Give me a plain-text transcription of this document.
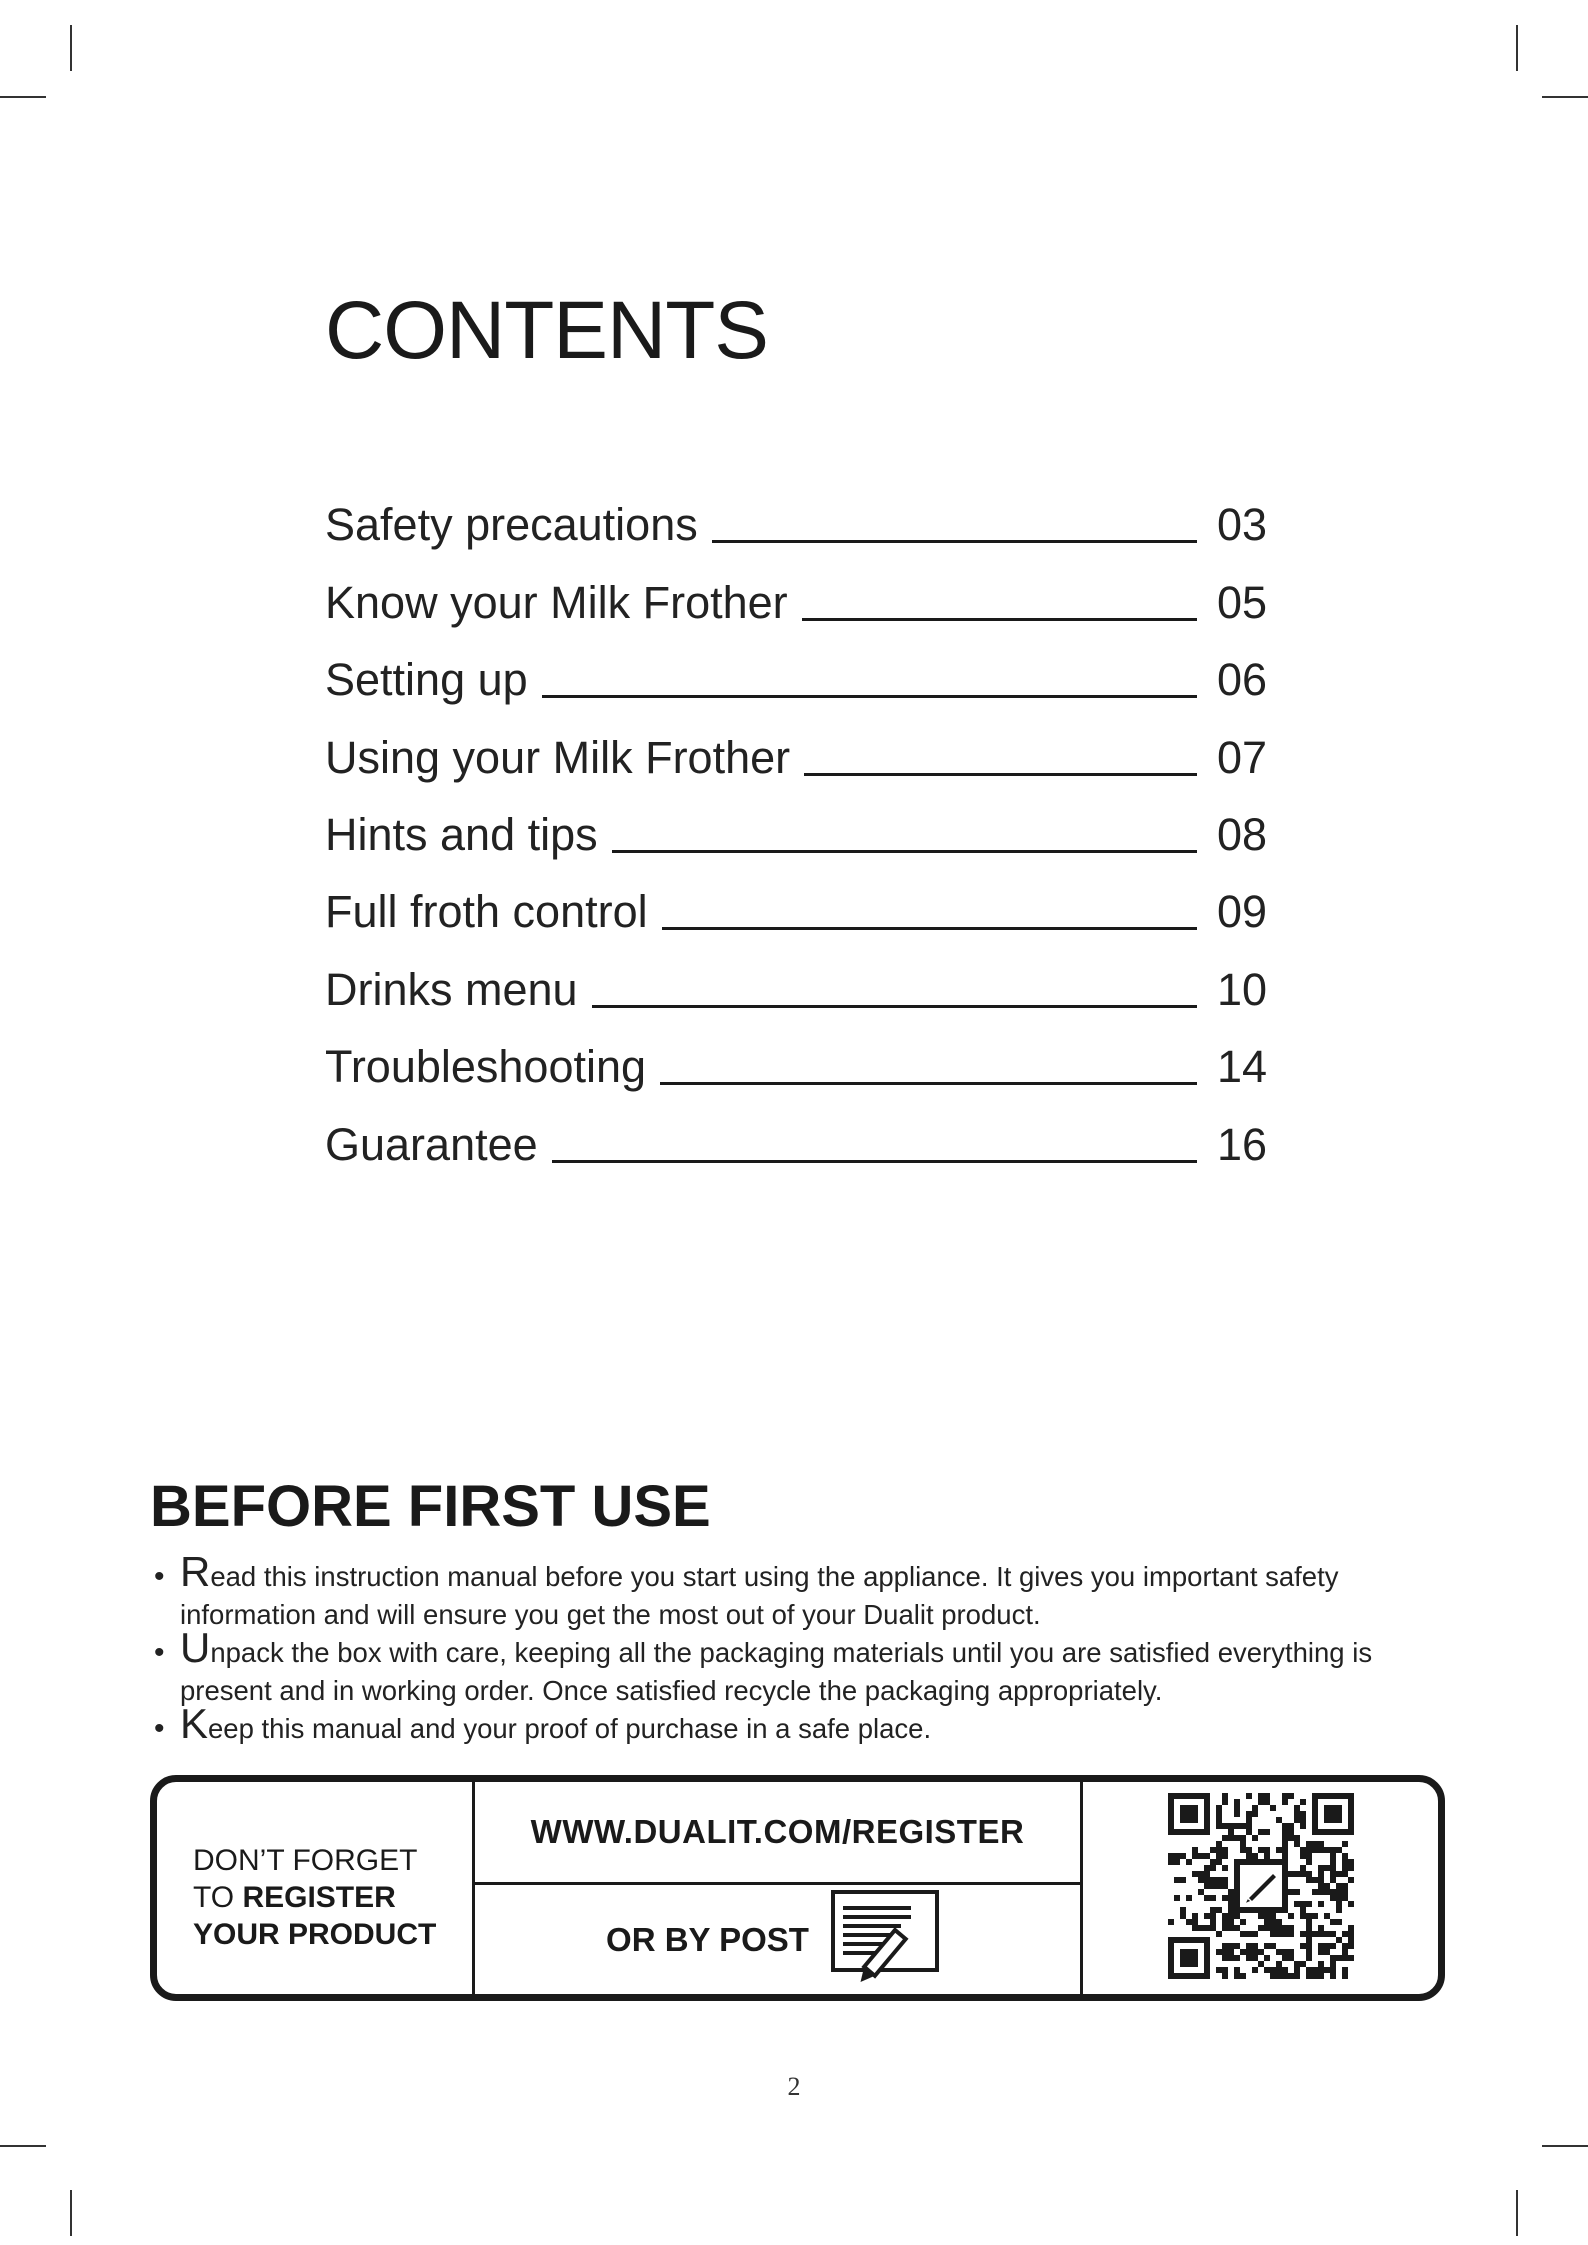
CONTENTS
Safety precautions	03
Know your Milk Frother	05
Setting up	06
Using your Milk Frother	07
Hints and tips	08
Full froth control	09
Drinks menu	10
Troubleshooting	14
Guarantee	16
BEFORE FIRST USE
• Read this instruction manual before you start using the appliance. It gives you important safety information and will ensure you get the most out of your Dualit product.
• Unpack the box with care, keeping all the packaging materials until you are satisfied everything is present and in working order. Once satisfied recycle the packaging appropriately.
• Keep this manual and your proof of purchase in a safe place.
DON’T FORGET
TO REGISTER
YOUR PRODUCT
WWW.DUALIT.COM/REGISTER
OR BY POST
2
